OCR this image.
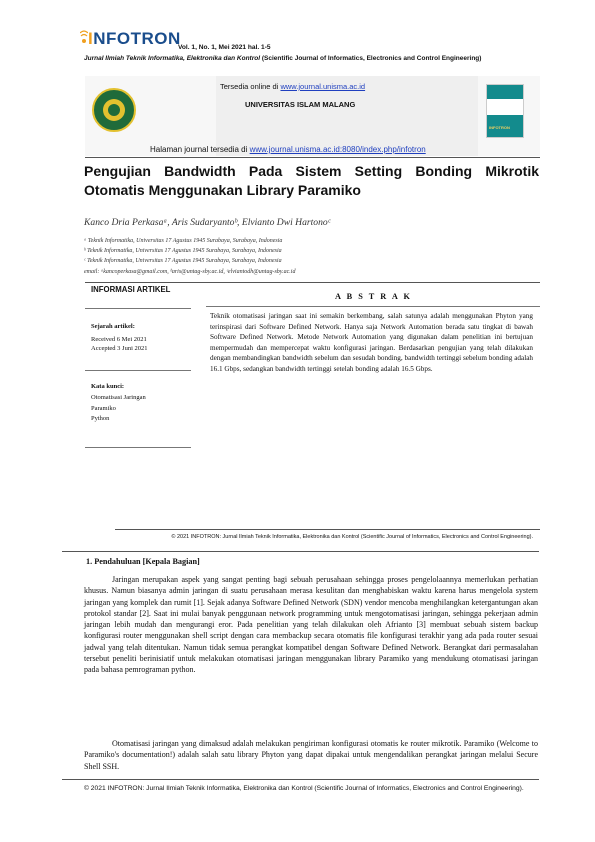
INFOTRON
Vol. 1, No. 1, Mei 2021 hal. 1-5
Jurnal Ilmiah Teknik Informatika, Elektronika dan Kontrol (Scientific Journal of Informatics, Electronics and Control Engineering)
INFOTRON
Tersedia online di www.journal.unisma.ac.id
UNIVERSITAS ISLAM MALANG
Halaman journal tersedia di www.journal.unisma.ac.id:8080/index.php/infotron
Pengujian Bandwidth Pada Sistem Setting Bonding Mikrotik Otomatis Menggunakan Library Paramiko
Kanco Dria Perkasaᵃ, Aris Sudaryantoᵇ, Elvianto Dwi Hartonoᶜ
ᵃ Teknik Informatika, Universitas 17 Agustus 1945 Surabaya, Surabaya, Indonesia
ᵇ Teknik Informatika, Universitas 17 Agustus 1945 Surabaya, Surabaya, Indonesia
ᶜ Teknik Informatika, Universitas 17 Agustus 1945 Surabaya, Surabaya, Indonesia
email: ᵃkancoperkasa@gmail.com, ᵇaris@untag-sby.ac.id, ᶜelviantodh@untag-sby.ac.id
INFORMASI ARTIKEL
Sejarah artikel:
Received 6 Mei 2021
Accepted 3 Juni 2021
Kata kunci:
Otomatisasi Jaringan
Paramiko
Python
A B S T R A K
Teknik otomatisasi jaringan saat ini semakin berkembang, salah satunya adalah menggunakan Phyton yang terinspirasi dari Software Defined Network. Hanya saja Network Automation berada satu tingkat di bawah Software Defined Network. Metode Network Automation yang digunakan dalam penelitian ini bertujuan mempermudah dan mempercepat waktu konfigurasi jaringan. Berdasarkan pengujian yang telah dilakukan dengan membandingkan bandwidth sebelum dan sesudah bonding, bandwidth tertinggi sebelum bonding adalah 16.1 Gbps, sedangkan bandwidth tertinggi setelah bonding adalah 16.5 Gbps.
© 2021 INFOTRON: Jurnal Ilmiah Teknik Informatika, Elektronika dan Kontrol (Scientific Journal of Informatics, Electronics and Control Engineering).
1. Pendahuluan [Kepala Bagian]
Jaringan merupakan aspek yang sangat penting bagi sebuah perusahaan sehingga proses pengelolaannya memerlukan perhatian khusus. Namun biasanya admin jaringan di suatu perusahaan merasa kesulitan dan menghabiskan waktu karena harus mengelola system jaringan yang komplek dan rumit [1]. Sejak adanya Software Defined Network (SDN) vendor mencoba menghilangkan ketergantungan akan protokol standar [2]. Saat ini mulai banyak penggunaan network programming untuk mengotomatisasi jaringan, sehingga pekerjaan admin jaringan lebih mudah dan mengurangi eror. Pada penelitian yang telah dilakukan oleh Afrianto [3] membuat sebuah sistem backup konfigurasi router menggunakan shell script dengan cara membackup secara otomatis file konfigurasi terakhir yang ada pada router sesuai jadwal yang telah ditentukan. Namun tidak semua perangkat kompatibel dengan Software Defined Network. Berangkat dari permasalahan tersebut peneliti berinisiatif untuk melakukan otomatisasi jaringan menggunakan library Paramiko yang mendukung otomatisasi jaringan pada bahasa pemrograman python.
Otomatisasi jaringan yang dimaksud adalah melakukan pengiriman konfigurasi otomatis ke router mikrotik. Paramiko (Welcome to Paramiko's documentation!) adalah salah satu library Phyton yang dapat dipakai untuk mengendalikan perangkat jaringan melalui Secure Shell SSH.
© 2021 INFOTRON: Jurnal Ilmiah Teknik Informatika, Elektronika dan Kontrol (Scientific Journal of Informatics, Electronics and Control Engineering).
